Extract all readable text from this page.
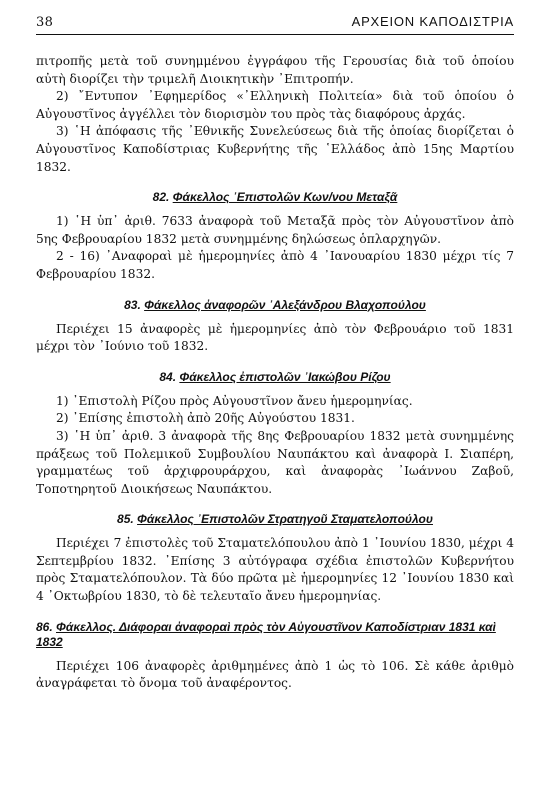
38	ΑΡΧΕΙΟΝ ΚΑΠΟΔΙΣΤΡΙΑ

πιτροπῆς μετὰ τοῦ συνημμένου ἐγγράφου τῆς Γερουσίας διὰ τοῦ ὁποίου αὐτὴ διορίζει τὴν τριμελῆ Διοικητικὴν ᾽Επιτροπήν.

2) ῎Εντυπον ᾽Εφημερίδος «᾽Ελληνικὴ Πολιτεία» διὰ τοῦ ὁποίου ὁ Αὐγουστῖνος ἀγγέλλει τὸν διορισμὸν του πρὸς τὰς διαφόρους ἀρχάς.

3) ῾Η ἀπόφασις τῆς ᾽Εθνικῆς Συνελεύσεως διὰ τῆς ὁποίας διορίζεται ὁ Αὐγουστῖνος Καποδίστριας Κυβερνήτης τῆς ῾Ελλάδος ἀπὸ 15ης Μαρτίου 1832.

82. Φάκελλος ᾽Επιστολῶν Κων/νου Μεταξᾶ

1) ῾Η ὑπ᾽ ἀριθ. 7633 ἀναφορὰ τοῦ Μεταξᾶ πρὸς τὸν Αὐγουστῖνον ἀπὸ 5ης Φεβρουαρίου 1832 μετὰ συνημμένης δηλώσεως ὁπλαρχηγῶν.

2 - 16) ᾽Αναφοραὶ μὲ ἡμερομηνίες ἀπὸ 4 ᾽Ιανουαρίου 1830 μέχρι τίς 7 Φεβρουαρίου 1832.

83. Φάκελλος ἀναφορῶν ᾽Αλεξάνδρου Βλαχοπούλου

Περιέχει 15 ἀναφορὲς μὲ ἡμερομηνίες ἀπὸ τὸν Φεβρουάριο τοῦ 1831 μέχρι τὸν ᾽Ιούνιο τοῦ 1832.

84. Φάκελλος ἐπιστολῶν ᾽Ιακώβου Ρίζου

1) ᾽Επιστολὴ Ρίζου πρὸς Αὐγουστῖνον ἄνευ ἡμερομηνίας.

2) ᾽Επίσης ἐπιστολὴ ἀπὸ 20ῆς Αὐγούστου 1831.

3) ῾Η ὑπ᾽ ἀριθ. 3 ἀναφορὰ τῆς 8ης Φεβρουαρίου 1832 μετὰ συνημμένης πράξεως τοῦ Πολεμικοῦ Συμβουλίου Ναυπάκτου καὶ ἀναφορὰ Ι. Σιαπέρη, γραμματέως τοῦ ἀρχιφρουράρχου, καὶ ἀναφορὰς ᾽Ιωάννου Ζαβοῦ, Τοποτηρητοῦ Διοικήσεως Ναυπάκτου.

85. Φάκελλος ᾽Επιστολῶν Στρατηγοῦ Σταματελοπούλου

Περιέχει 7 ἐπιστολὲς τοῦ Σταματελόπουλου ἀπὸ 1 ᾽Ιουνίου 1830, μέχρι 4 Σεπτεμβρίου 1832. ᾽Επίσης 3 αὐτόγραφα σχέδια ἐπιστολῶν Κυβερνήτου πρὸς Σταματελόπουλον. Τὰ δύο πρῶτα μὲ ἡμερομηνίες 12 ᾽Ιουνίου 1830 καὶ 4 ᾽Οκτωβρίου 1830, τὸ δὲ τελευταῖο ἄνευ ἡμερομηνίας.

86. Φάκελλος. Διάφοραι ἀναφοραὶ πρὸς τὸν Αὐγουστῖνον Καποδίστριαν 1831 καὶ 1832

Περιέχει 106 ἀναφορὲς ἀριθμημένες ἀπὸ 1 ὡς τὸ 106. Σὲ κάθε ἀριθμὸ ἀναγράφεται τὸ ὄνομα τοῦ ἀναφέροντος.
